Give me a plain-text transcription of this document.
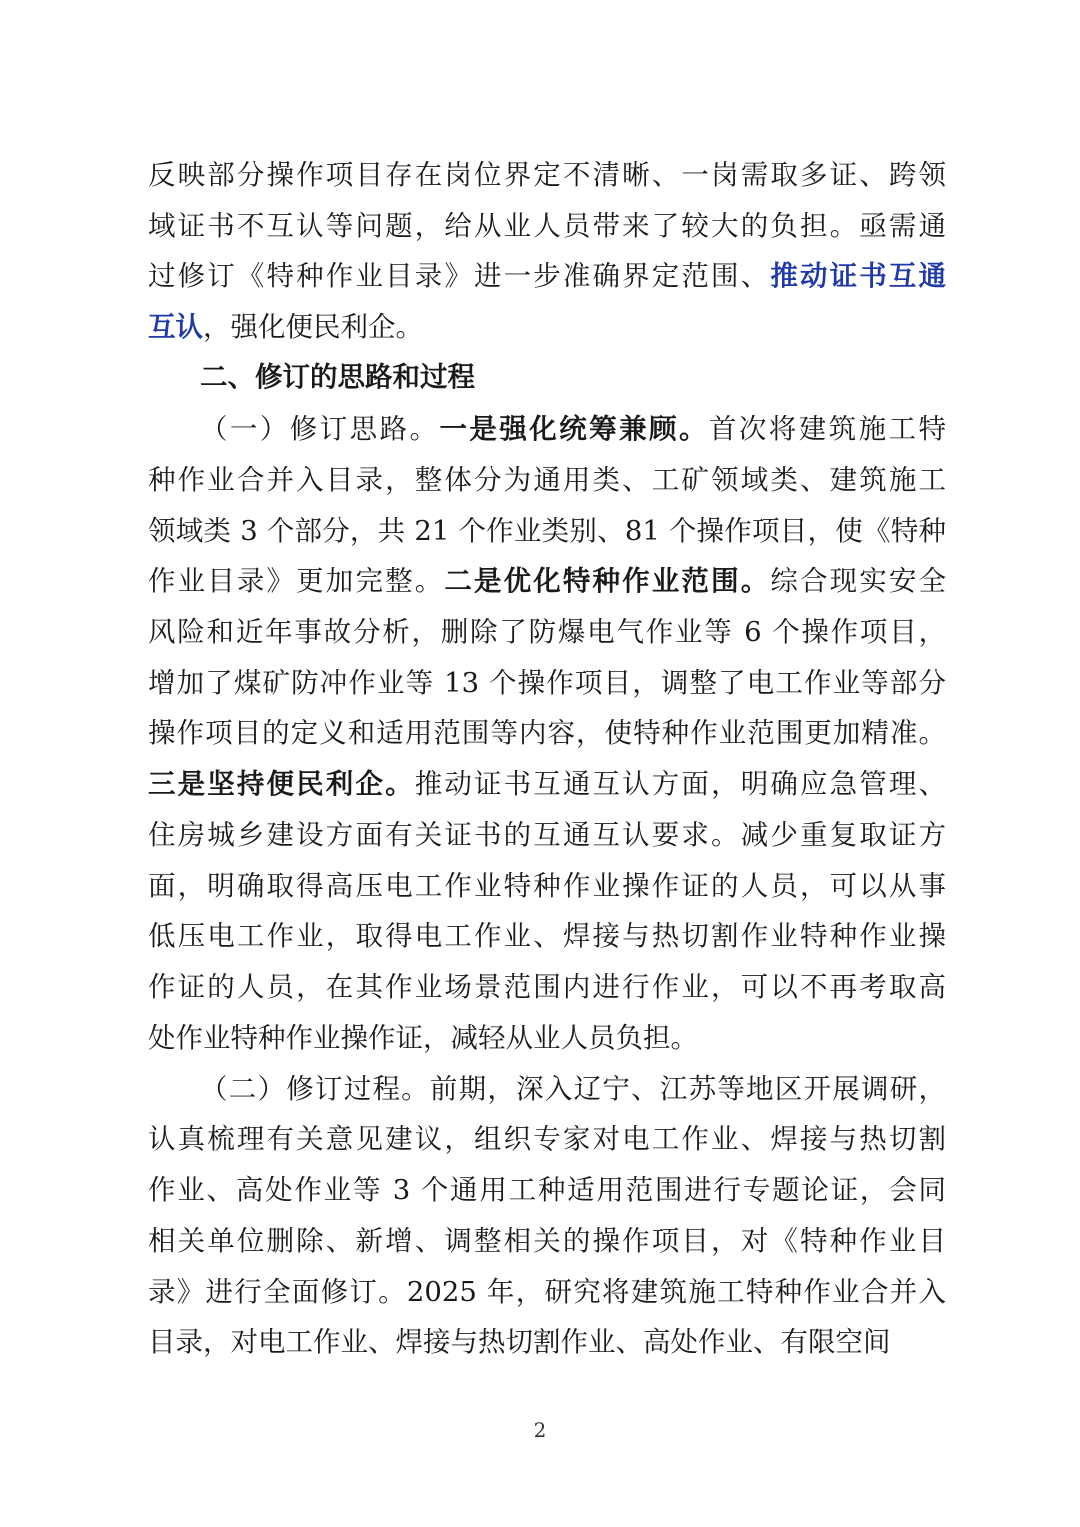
反映部分操作项目存在岗位界定不清晰、一岗需取多证、跨领
域证书不互认等问题，给从业人员带来了较大的负担。亟需通
过修订《特种作业目录》进一步准确界定范围、推动证书互通
互认，强化便民利企。
二、修订的思路和过程
（一）修订思路。一是强化统筹兼顾。首次将建筑施工特
种作业合并入目录，整体分为通用类、工矿领域类、建筑施工
领域类 3 个部分，共 21 个作业类别、81 个操作项目，使《特种
作业目录》更加完整。二是优化特种作业范围。综合现实安全
风险和近年事故分析，删除了防爆电气作业等 6 个操作项目，
增加了煤矿防冲作业等 13 个操作项目，调整了电工作业等部分
操作项目的定义和适用范围等内容，使特种作业范围更加精准。
三是坚持便民利企。推动证书互通互认方面，明确应急管理、
住房城乡建设方面有关证书的互通互认要求。减少重复取证方
面，明确取得高压电工作业特种作业操作证的人员，可以从事
低压电工作业，取得电工作业、焊接与热切割作业特种作业操
作证的人员，在其作业场景范围内进行作业，可以不再考取高
处作业特种作业操作证，减轻从业人员负担。
（二）修订过程。前期，深入辽宁、江苏等地区开展调研，
认真梳理有关意见建议，组织专家对电工作业、焊接与热切割
作业、高处作业等 3 个通用工种适用范围进行专题论证，会同
相关单位删除、新增、调整相关的操作项目，对《特种作业目
录》进行全面修订。2025 年，研究将建筑施工特种作业合并入
目录，对电工作业、焊接与热切割作业、高处作业、有限空间
2
